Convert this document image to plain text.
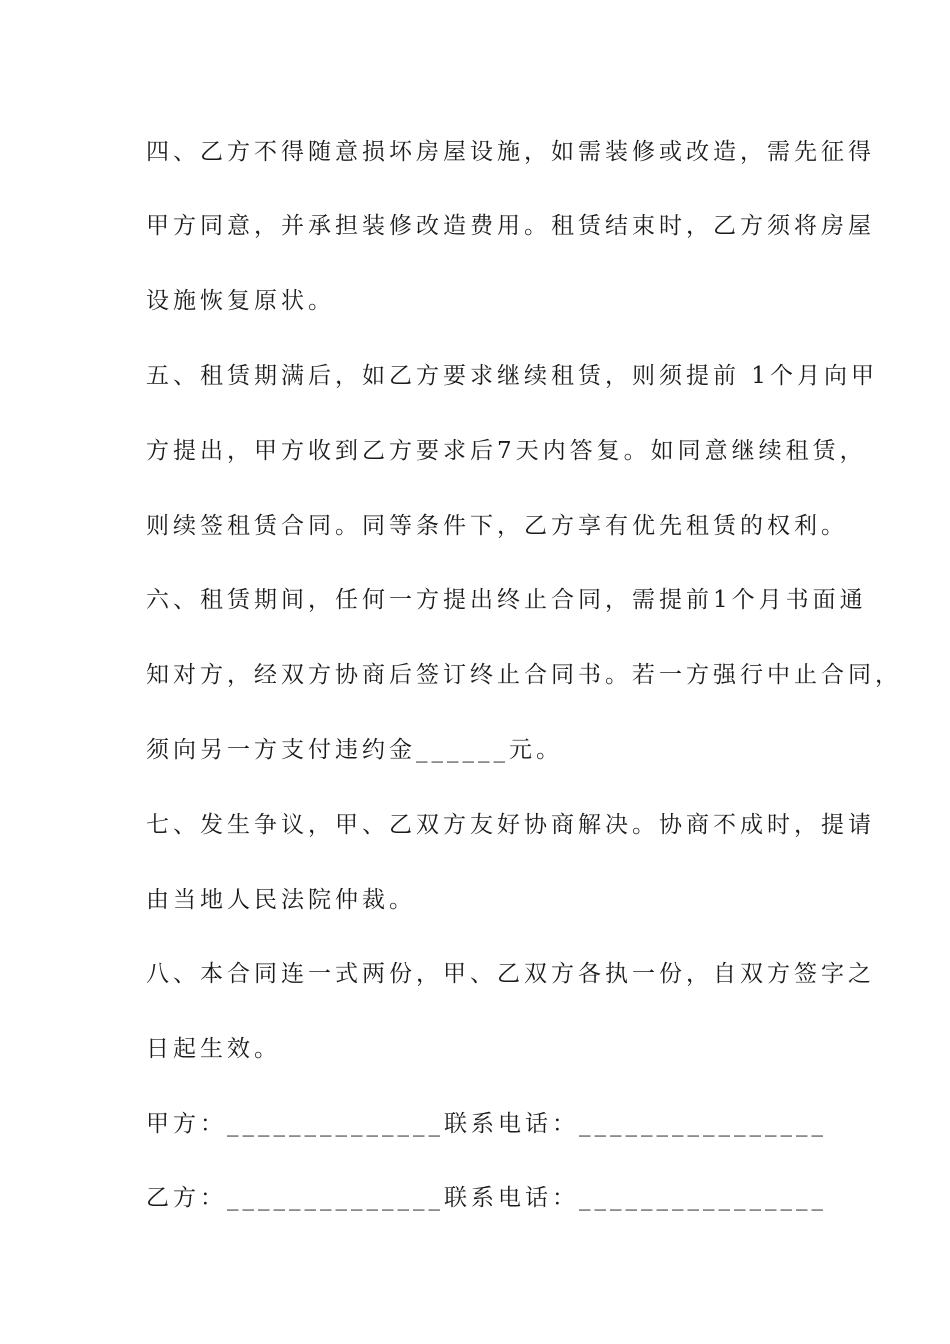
四、乙方不得随意损坏房屋设施，如需装修或改造，需先征得
甲方同意，并承担装修改造费用。租赁结束时，乙方须将房屋
设施恢复原状。
五、租赁期满后，如乙方要求继续租赁，则须提前 1个月向甲
方提出，甲方收到乙方要求后7天内答复。如同意继续租赁，
则续签租赁合同。同等条件下，乙方享有优先租赁的权利。
六、租赁期间，任何一方提出终止合同，需提前1个月书面通
知对方，经双方协商后签订终止合同书。若一方强行中止合同，
须向另一方支付违约金______元。
七、发生争议，甲、乙双方友好协商解决。协商不成时，提请
由当地人民法院仲裁。
八、本合同连一式两份，甲、乙双方各执一份，自双方签字之
日起生效。
甲方：______________联系电话：________________
乙方：______________联系电话：________________
